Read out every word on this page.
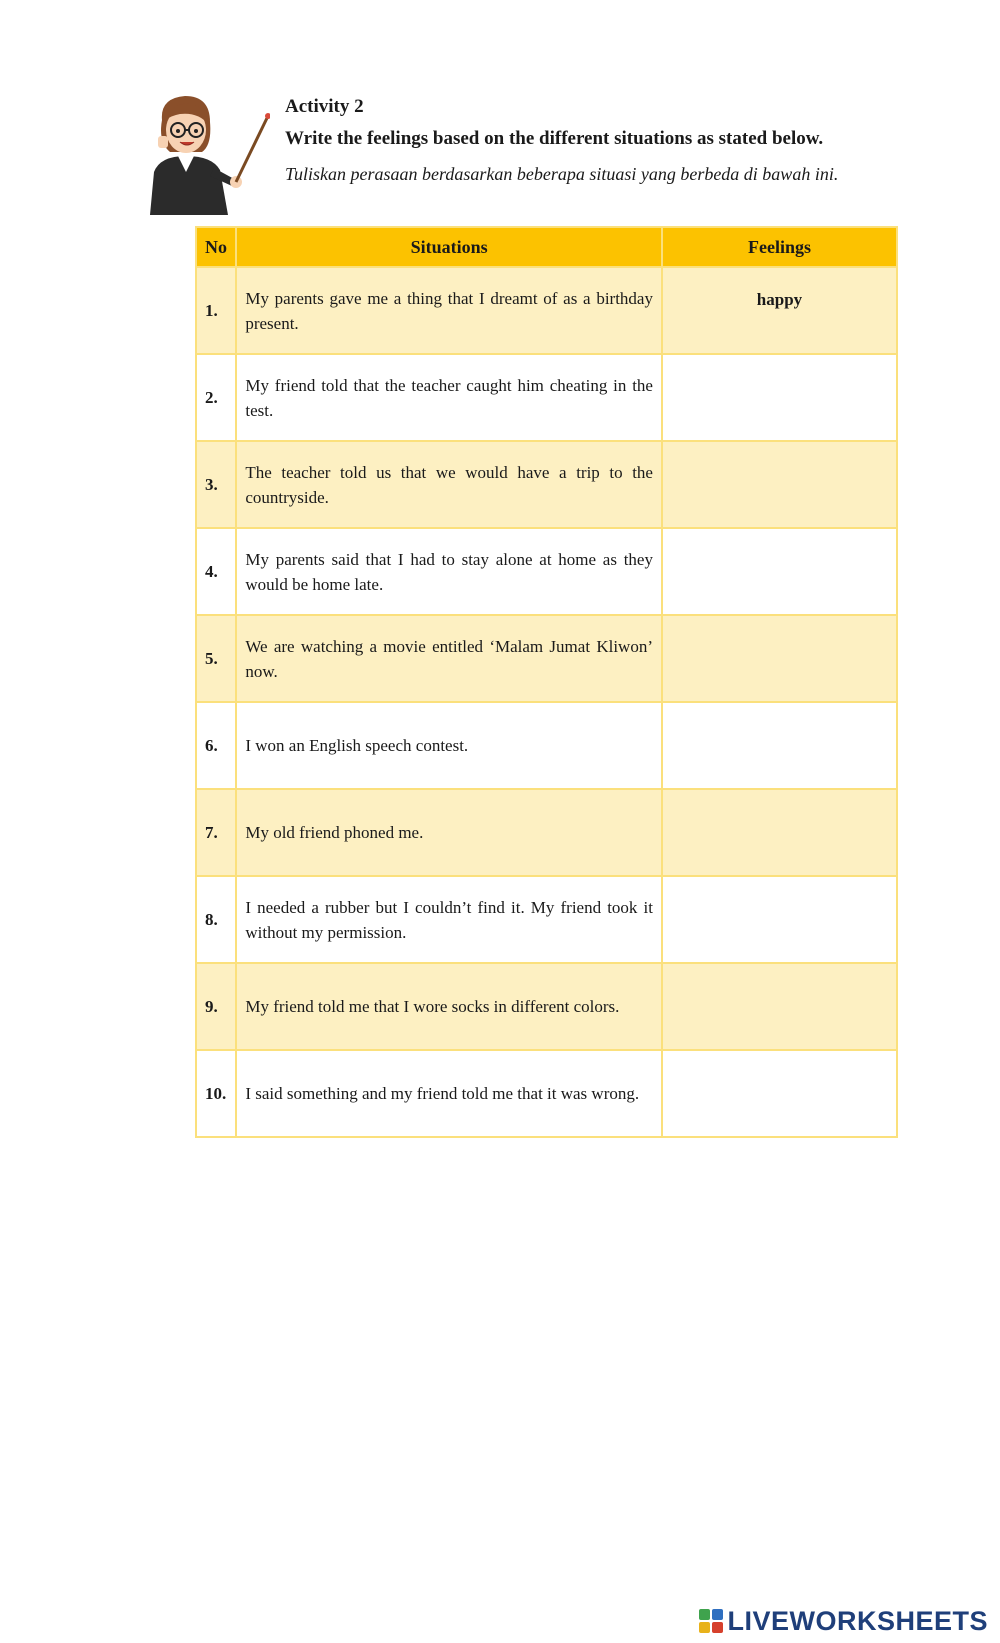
Activity 2

Write the feelings based on the different situations as stated below.

Tuliskan perasaan berdasarkan beberapa situasi yang berbeda di bawah ini.

No	Situations	Feelings
1.	My parents gave me a thing that I dreamt of as a birthday present.	happy
2.	My friend told that the teacher caught him cheating in the test.	
3.	The teacher told us that we would have a trip to the countryside.	
4.	My parents said that I had to stay alone at home as they would be home late.	
5.	We are watching a movie entitled ‘Malam Jumat Kliwon’ now.	
6.	I won an English speech contest.	
7.	My old friend phoned me.	
8.	I needed a rubber but I couldn’t find it. My friend took it without my permission.	
9.	My friend told me that I wore socks in different colors.	
10.	I said something and my friend told me that it was wrong.	
LIVEWORKSHEETS
